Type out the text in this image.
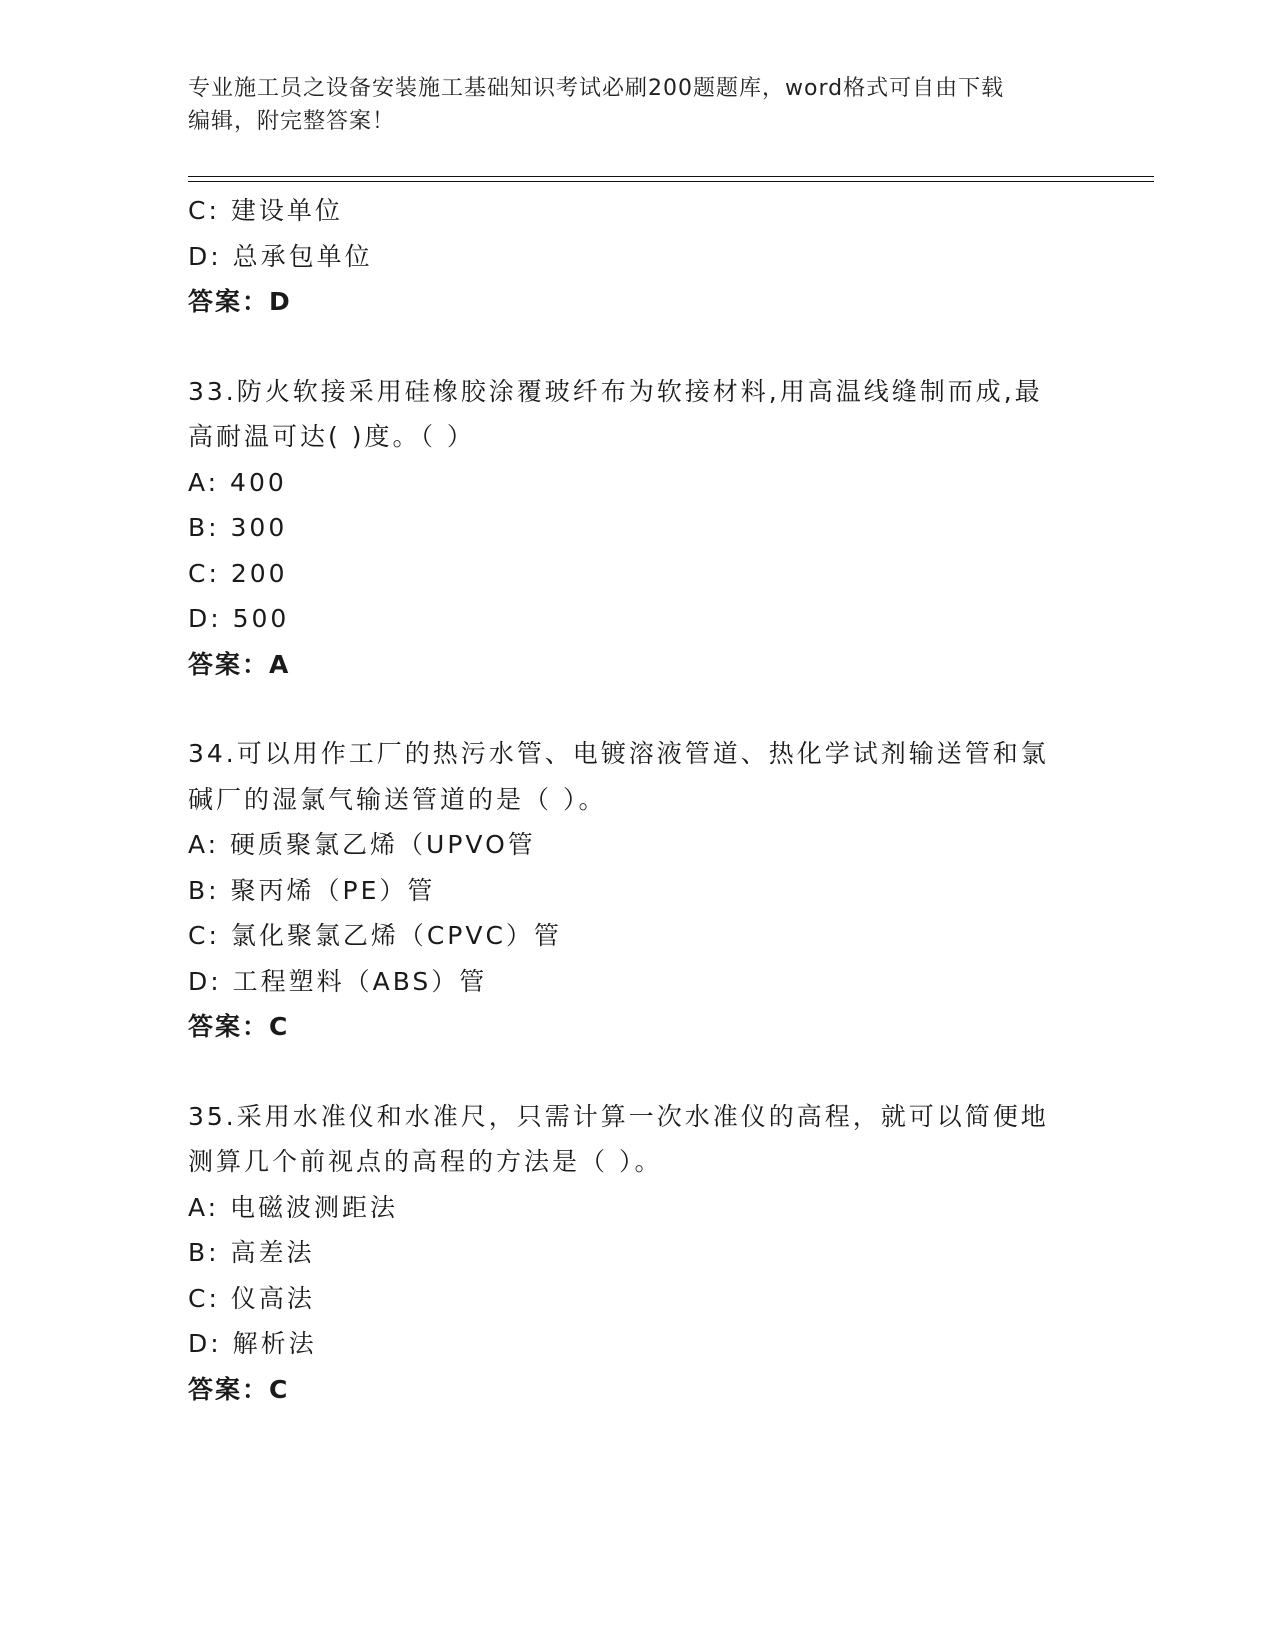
专业施工员之设备安装施工基础知识考试必刷200题题库，word格式可自由下载
编辑，附完整答案！
C: 建设单位
D: 总承包单位
答案：D
33.防火软接采用硅橡胶涂覆玻纤布为软接材料,用高温线缝制而成,最
高耐温可达( )度。（ ）
A: 400
B: 300
C: 200
D: 500
答案：A
34.可以用作工厂的热污水管、电镀溶液管道、热化学试剂输送管和氯
碱厂的湿氯气输送管道的是（ ）。
A: 硬质聚氯乙烯（UPVO管
B: 聚丙烯（PE）管
C: 氯化聚氯乙烯（CPVC）管
D: 工程塑料（ABS）管
答案：C
35.采用水准仪和水准尺，只需计算一次水准仪的高程，就可以简便地
测算几个前视点的高程的方法是（ ）。
A: 电磁波测距法
B: 高差法
C: 仪高法
D: 解析法
答案：C
